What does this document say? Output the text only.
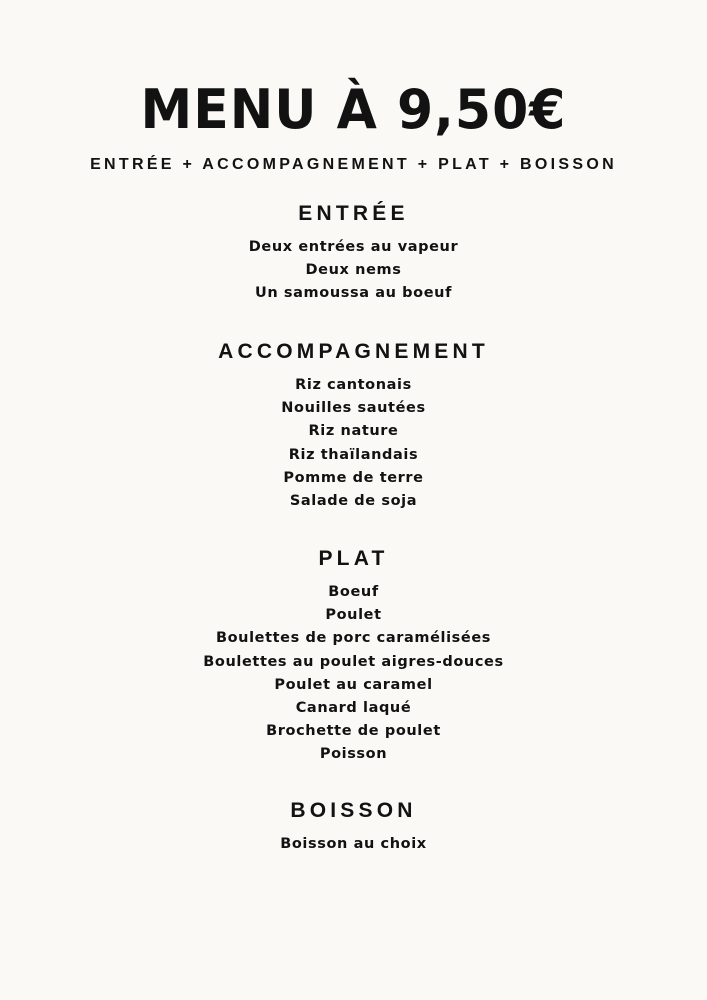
MENU À 9,50€
ENTRÉE + ACCOMPAGNEMENT + PLAT + BOISSON
ENTRÉE
Deux entrées au vapeur
Deux nems
Un samoussa au boeuf
ACCOMPAGNEMENT
Riz cantonais
Nouilles sautées
Riz nature
Riz thaïlandais
Pomme de terre
Salade de soja
PLAT
Boeuf
Poulet
Boulettes de porc caramélisées
Boulettes au poulet aigres-douces
Poulet au caramel
Canard laqué
Brochette de poulet
Poisson
BOISSON
Boisson au choix
